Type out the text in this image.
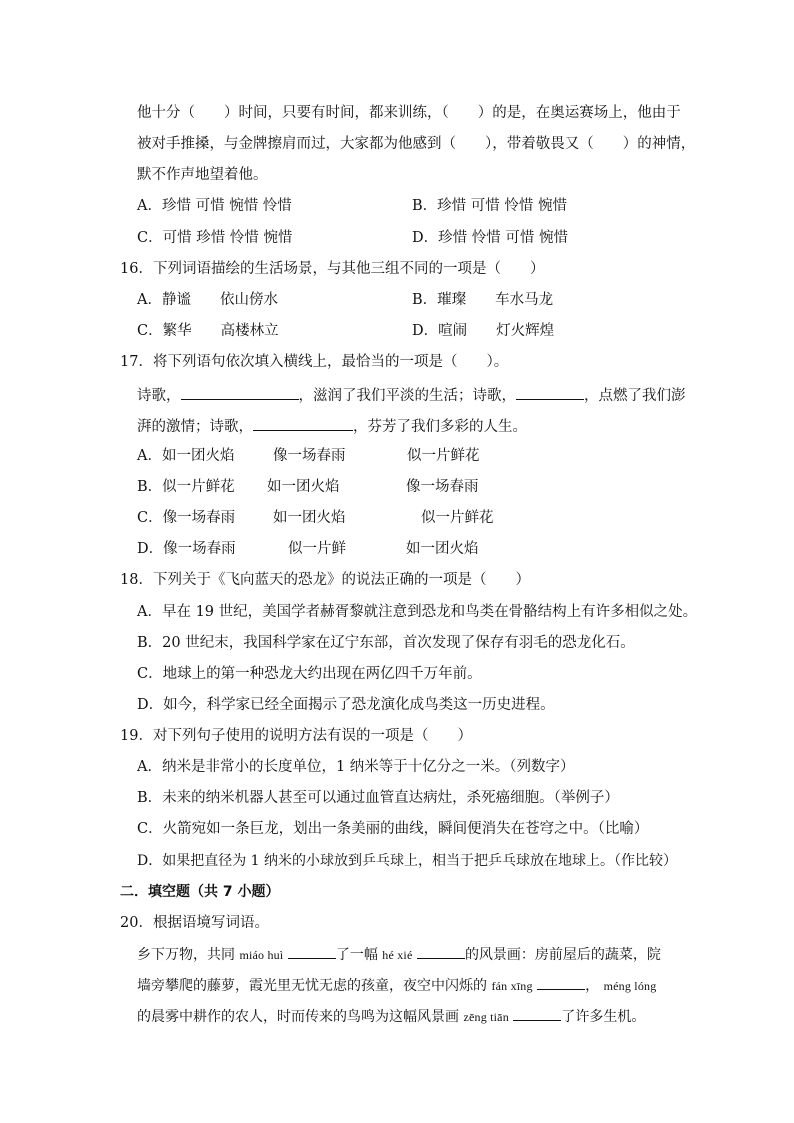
他十分（　　）时间，只要有时间，都来训练，（　　）的是，在奥运赛场上，他由于
被对手推搡，与金牌擦肩而过，大家都为他感到（　　），带着敬畏又（　　）的神情，
默不作声地望着他。
A．珍惜 可惜 惋惜 怜惜	B．珍惜 可惜 怜惜 惋惜
C．可惜 珍惜 怜惜 惋惜	D．珍惜 怜惜 可惜 惋惜
16．下列词语描绘的生活场景，与其他三组不同的一项是（　　）
A．静谧　　依山傍水	B．璀璨　　车水马龙
C．繁华　　高楼林立	D．喧闹　　灯火辉煌
17．将下列语句依次填入横线上，最恰当的一项是（　　）。
诗歌，	，滋润了我们平淡的生活；诗歌，	，点燃了我们澎
湃的激情；诗歌，	，芬芳了我们多彩的人生。
A．如一团火焰	像一场春雨	似一片鲜花
B．似一片鲜花 如一团火焰	像一场春雨
C．像一场春雨	如一团火焰	似一片鲜花
D．像一场春雨	似一片鲜	如一团火焰
18．下列关于《飞向蓝天的恐龙》的说法正确的一项是（　　）
A．早在 19 世纪，美国学者赫胥黎就注意到恐龙和鸟类在骨骼结构上有许多相似之处。
B．20 世纪末，我国科学家在辽宁东部，首次发现了保存有羽毛的恐龙化石。
C．地球上的第一种恐龙大约出现在两亿四千万年前。
D．如今，科学家已经全面揭示了恐龙演化成鸟类这一历史进程。
19．对下列句子使用的说明方法有误的一项是（　　）
A．纳米是非常小的长度单位，1 纳米等于十亿分之一米。（列数字）
B．未来的纳米机器人甚至可以通过血管直达病灶，杀死癌细胞。（举例子）
C．火箭宛如一条巨龙，划出一条美丽的曲线，瞬间便消失在苍穹之中。（比喻）
D．如果把直径为 1 纳米的小球放到乒乓球上，相当于把乒乓球放在地球上。（作比较）
二．填空题（共 7 小题）
20．根据语境写词语。
乡下万物，共同 miáo huì	了一幅 hé xié	的风景画：房前屋后的蔬菜，院
墙旁攀爬的藤萝，霞光里无忧无虑的孩童，夜空中闪烁的 fán xīng	， méng lóng
的晨雾中耕作的农人，时而传来的鸟鸣为这幅风景画 zēng tiān	了许多生机。
